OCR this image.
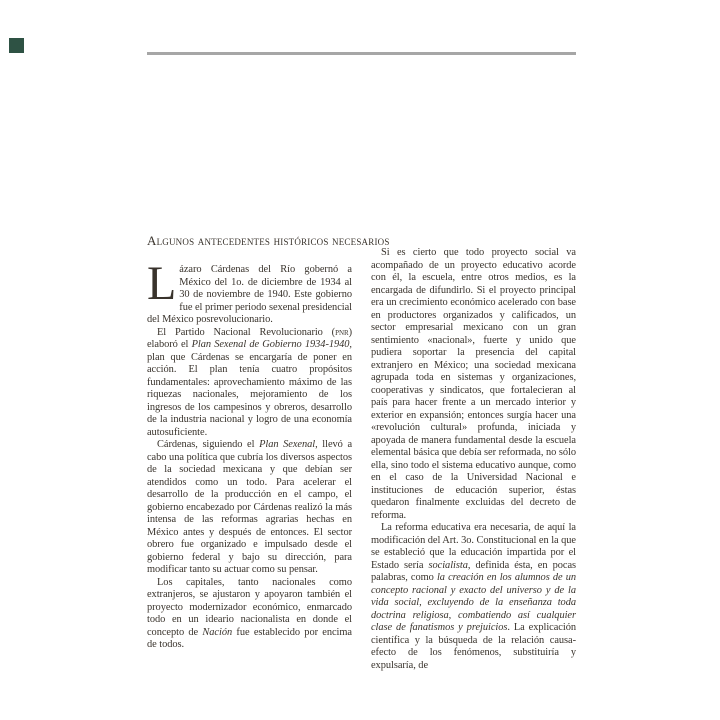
Algunos antecedentes históricos necesarios

Lázaro Cárdenas del Río gobernó a México del 1o. de diciembre de 1934 al 30 de noviembre de 1940. Este gobierno fue el primer periodo sexenal presidencial del México posrevolucionario.

El Partido Nacional Revolucionario (pnr) elaboró el Plan Sexenal de Gobierno 1934-1940, plan que Cárdenas se encargaría de poner en acción. El plan tenía cuatro propósitos fundamentales: aprovechamiento máximo de las riquezas nacionales, mejoramiento de los ingresos de los campesinos y obreros, desarrollo de la industria nacional y logro de una economía autosuficiente.

Cárdenas, siguiendo el Plan Sexenal, llevó a cabo una política que cubría los diversos aspectos de la sociedad mexicana y que debían ser atendidos como un todo. Para acelerar el desarrollo de la producción en el campo, el gobierno encabezado por Cárdenas realizó la más intensa de las reformas agrarias hechas en México antes y después de entonces. El sector obrero fue organizado e impulsado desde el gobierno federal y bajo su dirección, para modificar tanto su actuar como su pensar.

Los capitales, tanto nacionales como extranjeros, se ajustaron y apoyaron también el proyecto modernizador económico, enmarcado todo en un ideario nacionalista en donde el concepto de Nación fue establecido por encima de todos.

Si es cierto que todo proyecto social va acompañado de un proyecto educativo acorde con él, la escuela, entre otros medios, es la encargada de difundirlo. Si el proyecto principal era un crecimiento económico acelerado con base en productores organizados y calificados, un sector empresarial mexicano con un gran sentimiento «nacional», fuerte y unido que pudiera soportar la presencia del capital extranjero en México; una sociedad mexicana agrupada toda en sistemas y organizaciones, cooperativas y sindicatos, que fortalecieran al país para hacer frente a un mercado interior y exterior en expansión; entonces surgía hacer una «revolución cultural» profunda, iniciada y apoyada de manera fundamental desde la escuela elemental básica que debía ser reformada, no sólo ella, sino todo el sistema educativo aunque, como en el caso de la Universidad Nacional e instituciones de educación superior, éstas quedaron finalmente excluidas del decreto de reforma.

La reforma educativa era necesaria, de aquí la modificación del Art. 3o. Constitucional en la que se estableció que la educación impartida por el Estado sería socialista, definida ésta, en pocas palabras, como la creación en los alumnos de un concepto racional y exacto del universo y de la vida social, excluyendo de la enseñanza toda doctrina religiosa, combatiendo así cualquier clase de fanatismos y prejuicios. La explicación científica y la búsqueda de la relación causa-efecto de los fenómenos, substituiría y expulsaría, de
